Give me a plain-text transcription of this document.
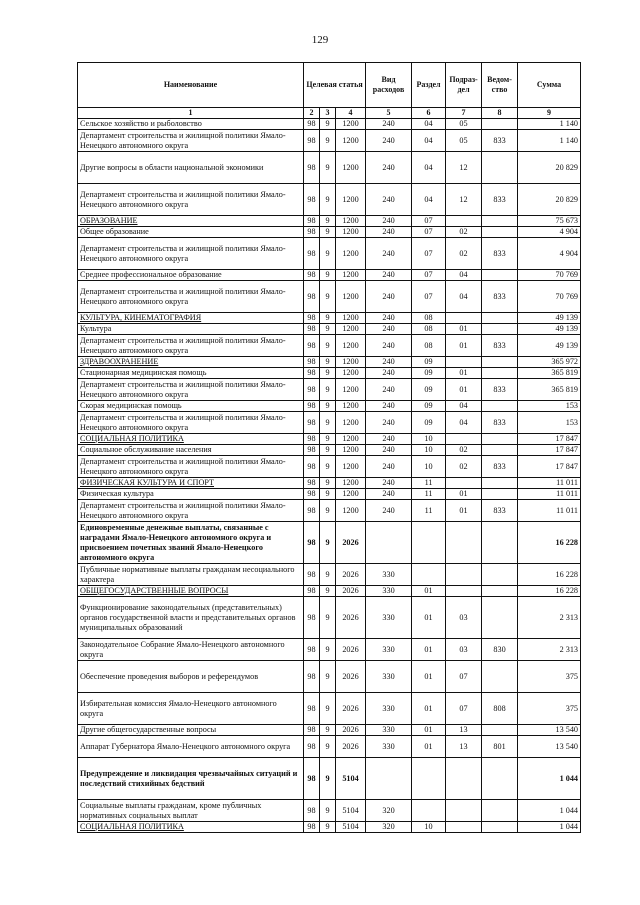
129
Наименование	Целевая статья			Вид расходов	Раздел	Подраз-дел	Ведом-ство	Сумма
1	2	3	4	5	6	7	8	9
Сельское хозяйство и рыболовство	98	9	1200	240	04	05		1 140
Департамент строительства и жилищной политики Ямало-Ненецкого автономного округа	98	9	1200	240	04	05	833	1 140
Другие вопросы в области национальной экономики	98	9	1200	240	04	12		20 829
Департамент строительства и жилищной политики Ямало-Ненецкого автономного округа	98	9	1200	240	04	12	833	20 829
ОБРАЗОВАНИЕ	98	9	1200	240	07			75 673
Общее образование	98	9	1200	240	07	02		4 904
Департамент строительства и жилищной политики Ямало-Ненецкого автономного округа	98	9	1200	240	07	02	833	4 904
Среднее профессиональное образование	98	9	1200	240	07	04		70 769
Департамент строительства и жилищной политики Ямало-Ненецкого автономного округа	98	9	1200	240	07	04	833	70 769
КУЛЬТУРА, КИНЕМАТОГРАФИЯ	98	9	1200	240	08			49 139
Культура	98	9	1200	240	08	01		49 139
Департамент строительства и жилищной политики Ямало-Ненецкого автономного округа	98	9	1200	240	08	01	833	49 139
ЗДРАВООХРАНЕНИЕ	98	9	1200	240	09			365 972
Стационарная медицинская помощь	98	9	1200	240	09	01		365 819
Департамент строительства и жилищной политики Ямало-Ненецкого автономного округа	98	9	1200	240	09	01	833	365 819
Скорая медицинская помощь	98	9	1200	240	09	04		153
Департамент строительства и жилищной политики Ямало-Ненецкого автономного округа	98	9	1200	240	09	04	833	153
СОЦИАЛЬНАЯ ПОЛИТИКА	98	9	1200	240	10			17 847
Социальное обслуживание населения	98	9	1200	240	10	02		17 847
Департамент строительства и жилищной политики Ямало-Ненецкого автономного округа	98	9	1200	240	10	02	833	17 847
ФИЗИЧЕСКАЯ КУЛЬТУРА И СПОРТ	98	9	1200	240	11			11 011
Физическая культура	98	9	1200	240	11	01		11 011
Департамент строительства и жилищной политики Ямало-Ненецкого автономного округа	98	9	1200	240	11	01	833	11 011
Единовременные денежные выплаты, связанные с наградами Ямало-Ненецкого автономного округа и присвоением почетных званий Ямало-Ненецкого автономного округа	98	9	2026					16 228
Публичные нормативные выплаты гражданам несоциального характера	98	9	2026	330				16 228
ОБЩЕГОСУДАРСТВЕННЫЕ ВОПРОСЫ	98	9	2026	330	01			16 228
Функционирование законодательных (представительных) органов государственной власти и представительных органов муниципальных образований	98	9	2026	330	01	03		2 313
Законодательное Собрание Ямало-Ненецкого автономного округа	98	9	2026	330	01	03	830	2 313
Обеспечение проведения выборов и референдумов	98	9	2026	330	01	07		375
Избирательная комиссия Ямало-Ненецкого автономного округа	98	9	2026	330	01	07	808	375
Другие общегосударственные вопросы	98	9	2026	330	01	13		13 540
Аппарат Губернатора Ямало-Ненецкого автономного округа	98	9	2026	330	01	13	801	13 540
Предупреждение и ликвидация чрезвычайных ситуаций и последствий стихийных бедствий	98	9	5104					1 044
Социальные выплаты гражданам, кроме публичных нормативных социальных выплат	98	9	5104	320				1 044
СОЦИАЛЬНАЯ ПОЛИТИКА	98	9	5104	320	10			1 044
